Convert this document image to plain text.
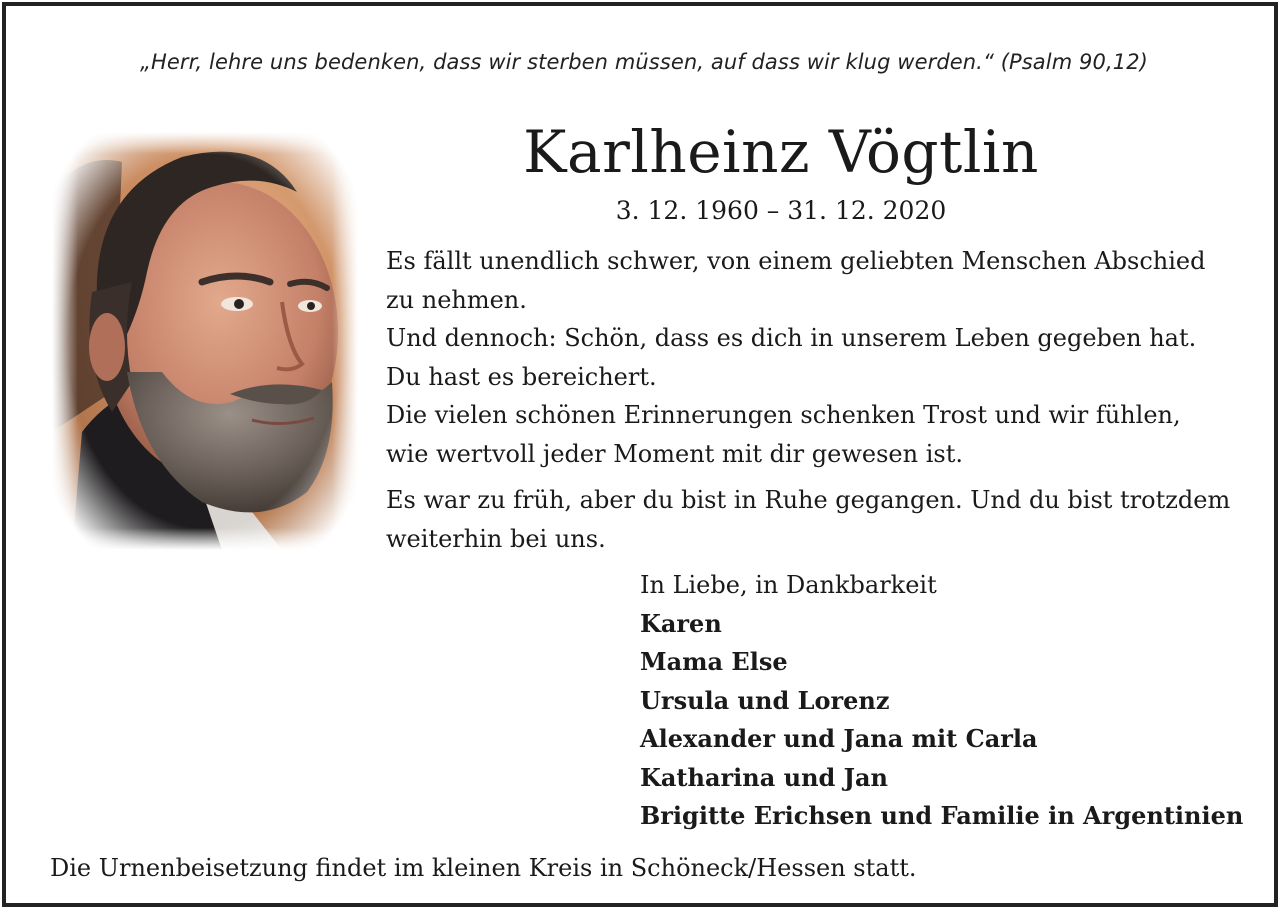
„Herr, lehre uns bedenken, dass wir sterben müssen, auf dass wir klug werden.“ (Psalm 90,12)
Karlheinz Vögtlin
3. 12. 1960 – 31. 12. 2020

Es fällt unendlich schwer, von einem geliebten Menschen Abschied

zu nehmen.

Und dennoch: Schön, dass es dich in unserem Leben gegeben hat.

Du hast es bereichert.

Die vielen schönen Erinnerungen schenken Trost und wir fühlen,

wie wertvoll jeder Moment mit dir gewesen ist.

Es war zu früh, aber du bist in Ruhe gegangen. Und du bist trotzdem

weiterhin bei uns.

In Liebe, in Dankbarkeit
Karen
Mama Else
Ursula und Lorenz
Alexander und Jana mit Carla
Katharina und Jan
Brigitte Erichsen und Familie in Argentinien
Die Urnenbeisetzung findet im kleinen Kreis in Schöneck/Hessen statt.
